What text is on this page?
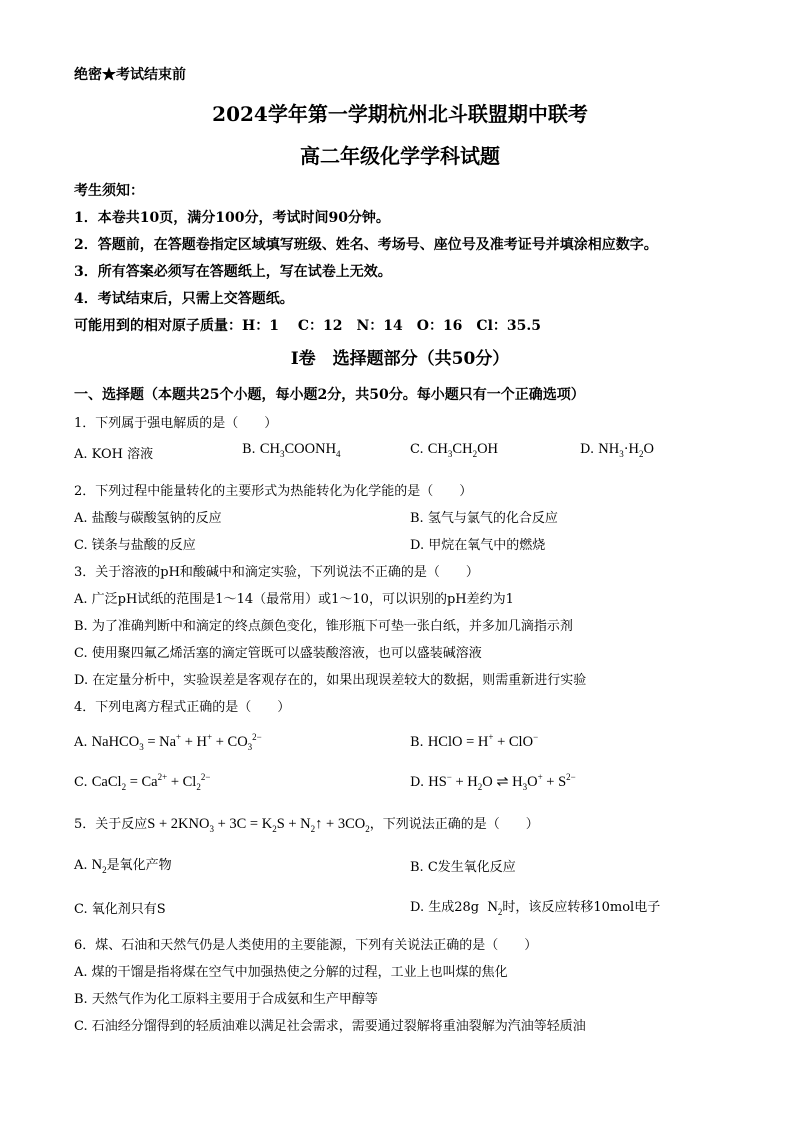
绝密★考试结束前
2024学年第一学期杭州北斗联盟期中联考
高二年级化学学科试题
考生须知：
1．本卷共10页，满分100分，考试时间90分钟。
2．答题前，在答题卷指定区域填写班级、姓名、考场号、座位号及准考证号并填涂相应数字。
3．所有答案必须写在答题纸上，写在试卷上无效。
4．考试结束后，只需上交答题纸。
可能用到的相对原子质量：H：1　 C：12　N：14　O：16　Cl：35.5
Ⅰ卷　选择题部分（共50分）
一、选择题（本题共25个小题，每小题2分，共50分。每小题只有一个正确选项）
1．下列属于强电解质的是（　　）
A. KOH 溶液	B. $CH_3COONH_4$	C. $CH_3CH_2OH$	D. $NH_3\cdot H_2O$
2．下列过程中能量转化的主要形式为热能转化为化学能的是（　　）
A. 盐酸与碳酸氢钠的反应	B. 氢气与氯气的化合反应
C. 镁条与盐酸的反应	D. 甲烷在氧气中的燃烧
3．关于溶液的pH和酸碱中和滴定实验，下列说法不正确的是（　　）
A. 广泛pH试纸的范围是1～14（最常用）或1～10，可以识别的pH差约为1
B. 为了准确判断中和滴定的终点颜色变化，锥形瓶下可垫一张白纸，并多加几滴指示剂
C. 使用聚四氟乙烯活塞的滴定管既可以盛装酸溶液，也可以盛装碱溶液
D. 在定量分析中，实验误差是客观存在的，如果出现误差较大的数据，则需重新进行实验
4．下列电离方程式正确的是（　　）
A. NaHCO$_3$ = $Na^+ + H^+ + CO_3^{2-}$	B. HClO = H+ + ClO−
C. CaCl$_2$ = $Ca^{2+} + Cl_2^{2-}$	D. $HS^- + H_2O$ ⇌ $H_3O^+ + S^{2-}$
5．关于反应$S + 2KNO_3 + 3C = K_2S$ + $N_2↑ + 3CO_2$，下列说法正确的是（　　）
A. $N_2$是氧化产物	B. C发生氧化反应
C. 氧化剂只有S	D. 生成28g $N_2$时，该反应转移10mol电子
6．煤、石油和天然气仍是人类使用的主要能源，下列有关说法正确的是（　　）
A. 煤的干馏是指将煤在空气中加强热使之分解的过程，工业上也叫煤的焦化
B. 天然气作为化工原料主要用于合成氨和生产甲醇等
C. 石油经分馏得到的轻质油难以满足社会需求，需要通过裂解将重油裂解为汽油等轻质油
